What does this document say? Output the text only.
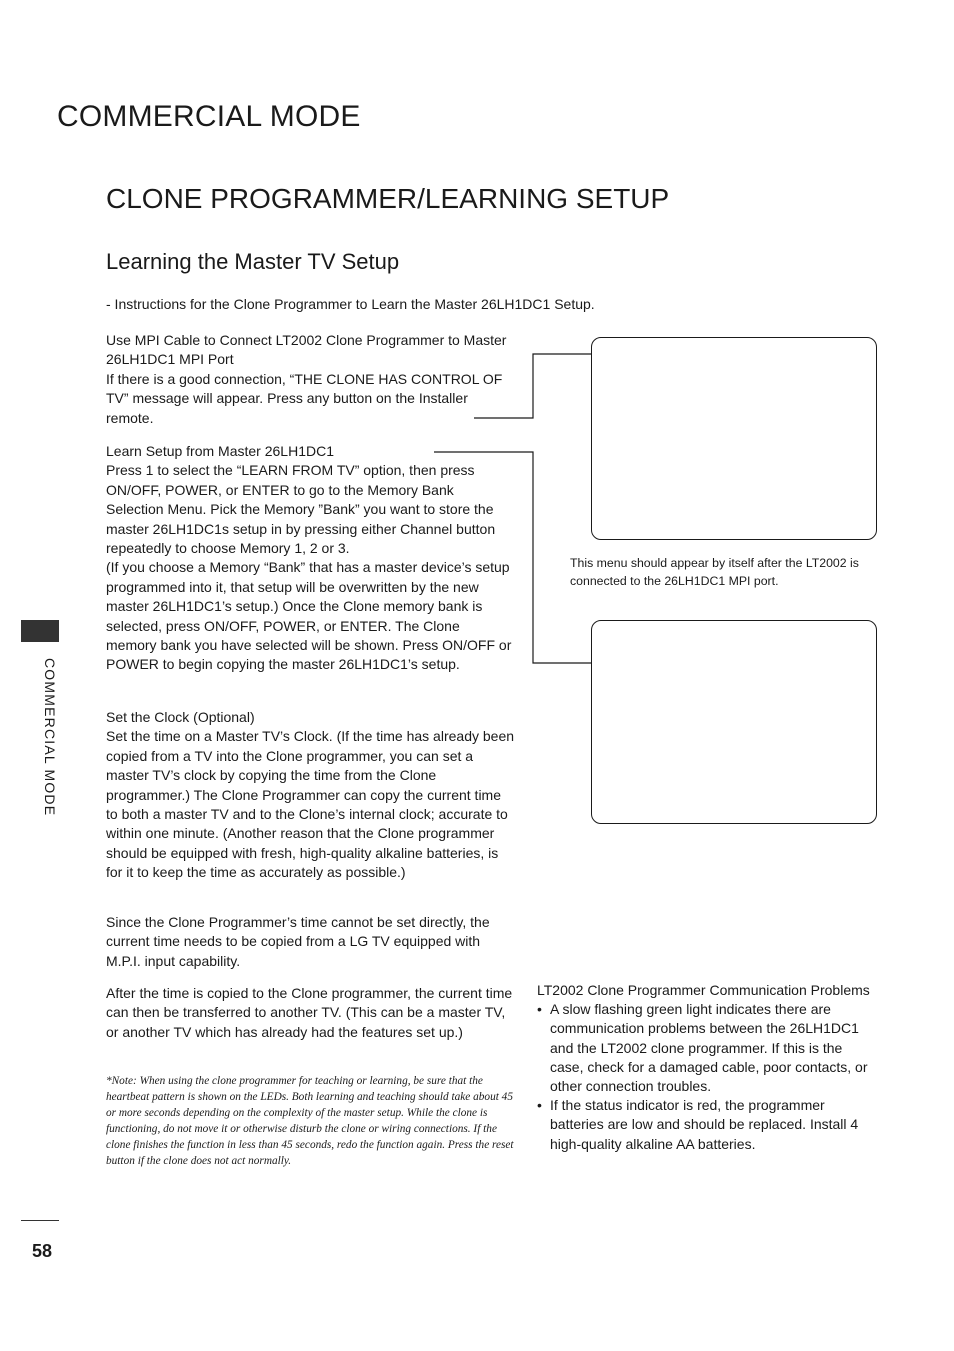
COMMERCIAL MODE
CLONE PROGRAMMER/LEARNING SETUP
Learning the Master TV Setup
- Instructions for the Clone Programmer to Learn the Master 26LH1DC1 Setup.

Use MPI Cable to Connect LT2002 Clone Programmer to Master 26LH1DC1 MPI Port

If there is a good connection, “THE CLONE HAS CONTROL OF TV” message will appear. Press any button on the Installer remote.

Learn Setup from Master 26LH1DC1

Press 1 to select the “LEARN FROM TV” option, then press ON/OFF, POWER, or ENTER to go to the Memory Bank Selection Menu. Pick the Memory ”Bank” you want to store the master 26LH1DC1s setup in by pressing either Channel button repeatedly to choose Memory 1, 2 or 3.

(If you choose a Memory “Bank” that has a master device’s setup programmed into it, that setup will be overwritten by the new master 26LH1DC1’s setup.) Once the Clone memory bank is selected, press ON/OFF, POWER, or ENTER. The Clone memory bank you have selected will be shown. Press ON/OFF or POWER to begin copying the master 26LH1DC1’s setup.

Set the Clock (Optional)

Set the time on a Master TV’s Clock. (If the time has already been copied from a TV into the Clone programmer, you can set a master TV’s clock by copying the time from the Clone programmer.) The Clone Programmer can copy the current time to both a master TV and to the Clone’s internal clock; accurate to within one minute. (Another reason that the Clone programmer should be equipped with fresh, high-quality alkaline batteries, is for it to keep the time as accurately as possible.)

Since the Clone Programmer’s time cannot be set directly, the current time needs to be copied from a LG TV equipped with M.P.I. input capability.

After the time is copied to the Clone programmer, the current time can then be transferred to another TV. (This can be a master TV, or another TV which has already had the features set up.)

*Note: When using the clone programmer for teaching or learning, be sure that the heartbeat pattern is shown on the LEDs. Both learning and teaching should take about 45 or more seconds depending on the complexity of the master setup. While the clone is functioning, do not move it or otherwise disturb the clone or wiring connections. If the clone finishes the function in less than 45 seconds, redo the function again. Press the reset button if the clone does not act normally.
This menu should appear by itself after the LT2002 is connected to the 26LH1DC1 MPI port.
LT2002 Clone Programmer Communication Problems
• A slow flashing green light indicates there are communication problems between the 26LH1DC1 and the LT2002 clone programmer. If this is the case, check for a damaged cable, poor contacts, or other connection troubles.
• If the status indicator is red, the programmer batteries are low and should be replaced. Install 4 high-quality alkaline AA batteries.
COMMERCIAL MODE
58
